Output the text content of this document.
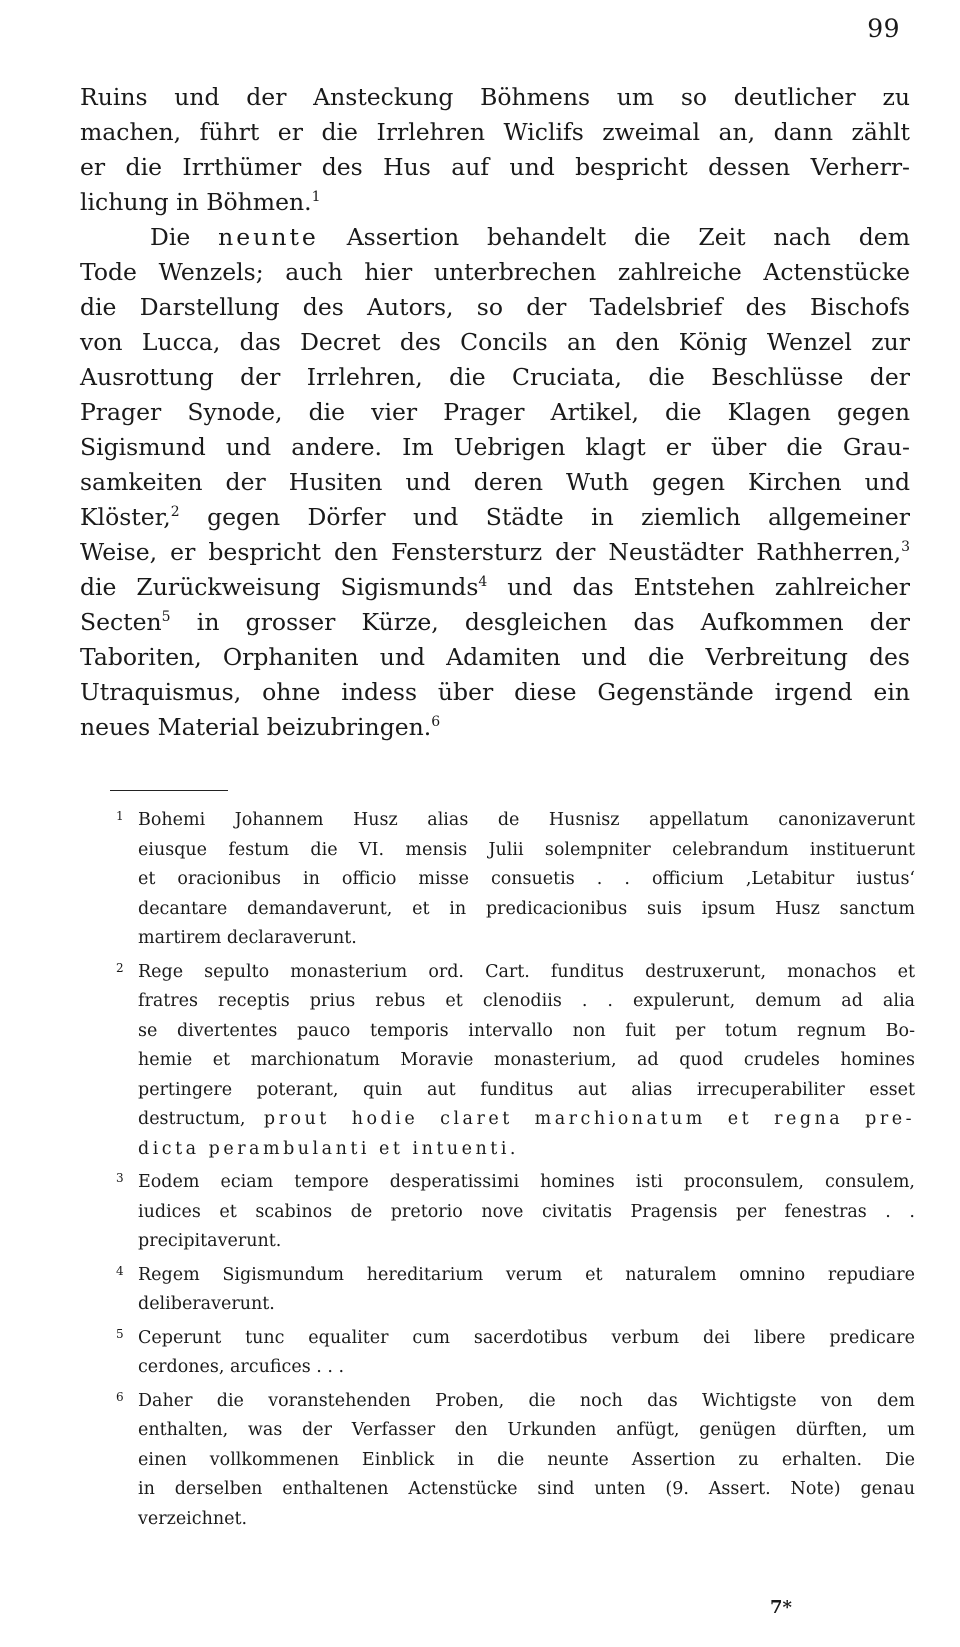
99
Ruins und der Ansteckung Böhmens um so deutlicher zu
machen, führt er die Irrlehren Wiclifs zweimal an, dann zählt
er die Irrthümer des Hus auf und bespricht dessen Verherr-
lichung in Böhmen.$^1$
Die neunte Assertion behandelt die Zeit nach dem
Tode Wenzels; auch hier unterbrechen zahlreiche Actenstücke
die Darstellung des Autors, so der Tadelsbrief des Bischofs
von Lucca, das Decret des Concils an den König Wenzel zur
Ausrottung der Irrlehren, die Cruciata, die Beschlüsse der
Prager Synode, die vier Prager Artikel, die Klagen gegen
Sigismund und andere. Im Uebrigen klagt er über die Grau-
samkeiten der Husiten und deren Wuth gegen Kirchen und
Klöster,$^2$ gegen Dörfer und Städte in ziemlich allgemeiner
Weise, er bespricht den Fenstersturz der Neustädter Rathherren,$^3$
die Zurückweisung Sigismunds$^4$ und das Entstehen zahlreicher
Secten$^5$ in grosser Kürze, desgleichen das Aufkommen der
Taboriten, Orphaniten und Adamiten und die Verbreitung des
Utraquismus, ohne indess über diese Gegenstände irgend ein
neues Material beizubringen.$^6$
1 Bohemi Johannem Husz alias de Husnisz appellatum canonizaverunt
eiusque festum die VI. mensis Julii solempniter celebrandum instituerunt
et oracionibus in officio misse consuetis . . officium ‚Letabitur iustus‘
decantare demandaverunt, et in predicacionibus suis ipsum Husz sanctum
martirem declaraverunt.
2 Rege sepulto monasterium ord. Cart. funditus destruxerunt, monachos et
fratres receptis prius rebus et clenodiis . . expulerunt, demum ad alia
se divertentes pauco temporis intervallo non fuit per totum regnum Bo-
hemie et marchionatum Moravie monasterium, ad quod crudeles homines
pertingere poterant, quin aut funditus aut alias irrecuperabiliter esset
destructum, prout hodie claret marchionatum et regna pre-
dicta perambulanti et intuenti.
3 Eodem eciam tempore desperatissimi homines isti proconsulem, consulem,
iudices et scabinos de pretorio nove civitatis Pragensis per fenestras . .
precipitaverunt.
4 Regem Sigismundum hereditarium verum et naturalem omnino repudiare
deliberaverunt.
5 Ceperunt tunc equaliter cum sacerdotibus verbum dei libere predicare
cerdones, arcufices . . .
6 Daher die voranstehenden Proben, die noch das Wichtigste von dem
enthalten, was der Verfasser den Urkunden anfügt, genügen dürften, um
einen vollkommenen Einblick in die neunte Assertion zu erhalten. Die
in derselben enthaltenen Actenstücke sind unten (9. Assert. Note) genau
verzeichnet.
7*
